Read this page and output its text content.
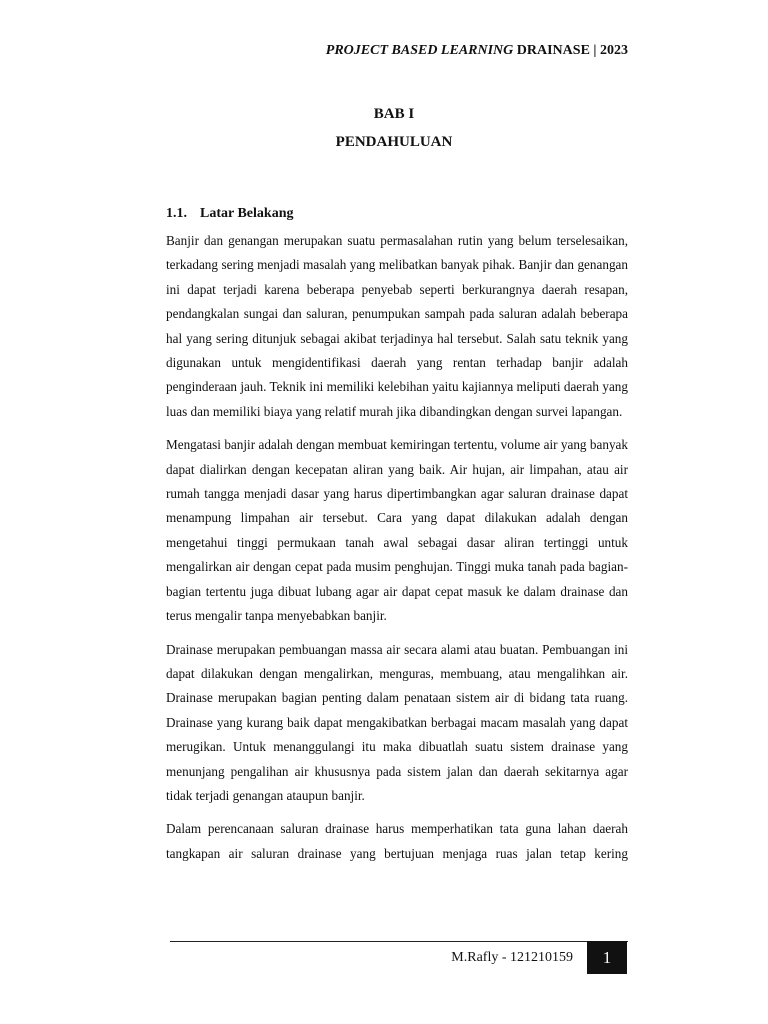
PROJECT BASED LEARNING DRAINASE | 2023
BAB I
PENDAHULUAN
1.1. Latar Belakang

Banjir dan genangan merupakan suatu permasalahan rutin yang belum terselesaikan, terkadang sering menjadi masalah yang melibatkan banyak pihak. Banjir dan genangan ini dapat terjadi karena beberapa penyebab seperti berkurangnya daerah resapan, pendangkalan sungai dan saluran, penumpukan sampah pada saluran adalah beberapa hal yang sering ditunjuk sebagai akibat terjadinya hal tersebut. Salah satu teknik yang digunakan untuk mengidentifikasi daerah yang rentan terhadap banjir adalah penginderaan jauh. Teknik ini memiliki kelebihan yaitu kajiannya meliputi daerah yang luas dan memiliki biaya yang relatif murah jika dibandingkan dengan survei lapangan.

Mengatasi banjir adalah dengan membuat kemiringan tertentu, volume air yang banyak dapat dialirkan dengan kecepatan aliran yang baik. Air hujan, air limpahan, atau air rumah tangga menjadi dasar yang harus dipertimbangkan agar saluran drainase dapat menampung limpahan air tersebut. Cara yang dapat dilakukan adalah dengan mengetahui tinggi permukaan tanah awal sebagai dasar aliran tertinggi untuk mengalirkan air dengan cepat pada musim penghujan. Tinggi muka tanah pada bagian-bagian tertentu juga dibuat lubang agar air dapat cepat masuk ke dalam drainase dan terus mengalir tanpa menyebabkan banjir.

Drainase merupakan pembuangan massa air secara alami atau buatan. Pembuangan ini dapat dilakukan dengan mengalirkan, menguras, membuang, atau mengalihkan air. Drainase merupakan bagian penting dalam penataan sistem air di bidang tata ruang. Drainase yang kurang baik dapat mengakibatkan berbagai macam masalah yang dapat merugikan. Untuk menanggulangi itu maka dibuatlah suatu sistem drainase yang menunjang pengalihan air khususnya pada sistem jalan dan daerah sekitarnya agar tidak terjadi genangan ataupun banjir.

Dalam perencanaan saluran drainase harus memperhatikan tata guna lahan daerah tangkapan air saluran drainase yang bertujuan menjaga ruas jalan tetap kering

M.Rafly - 121210159	1
